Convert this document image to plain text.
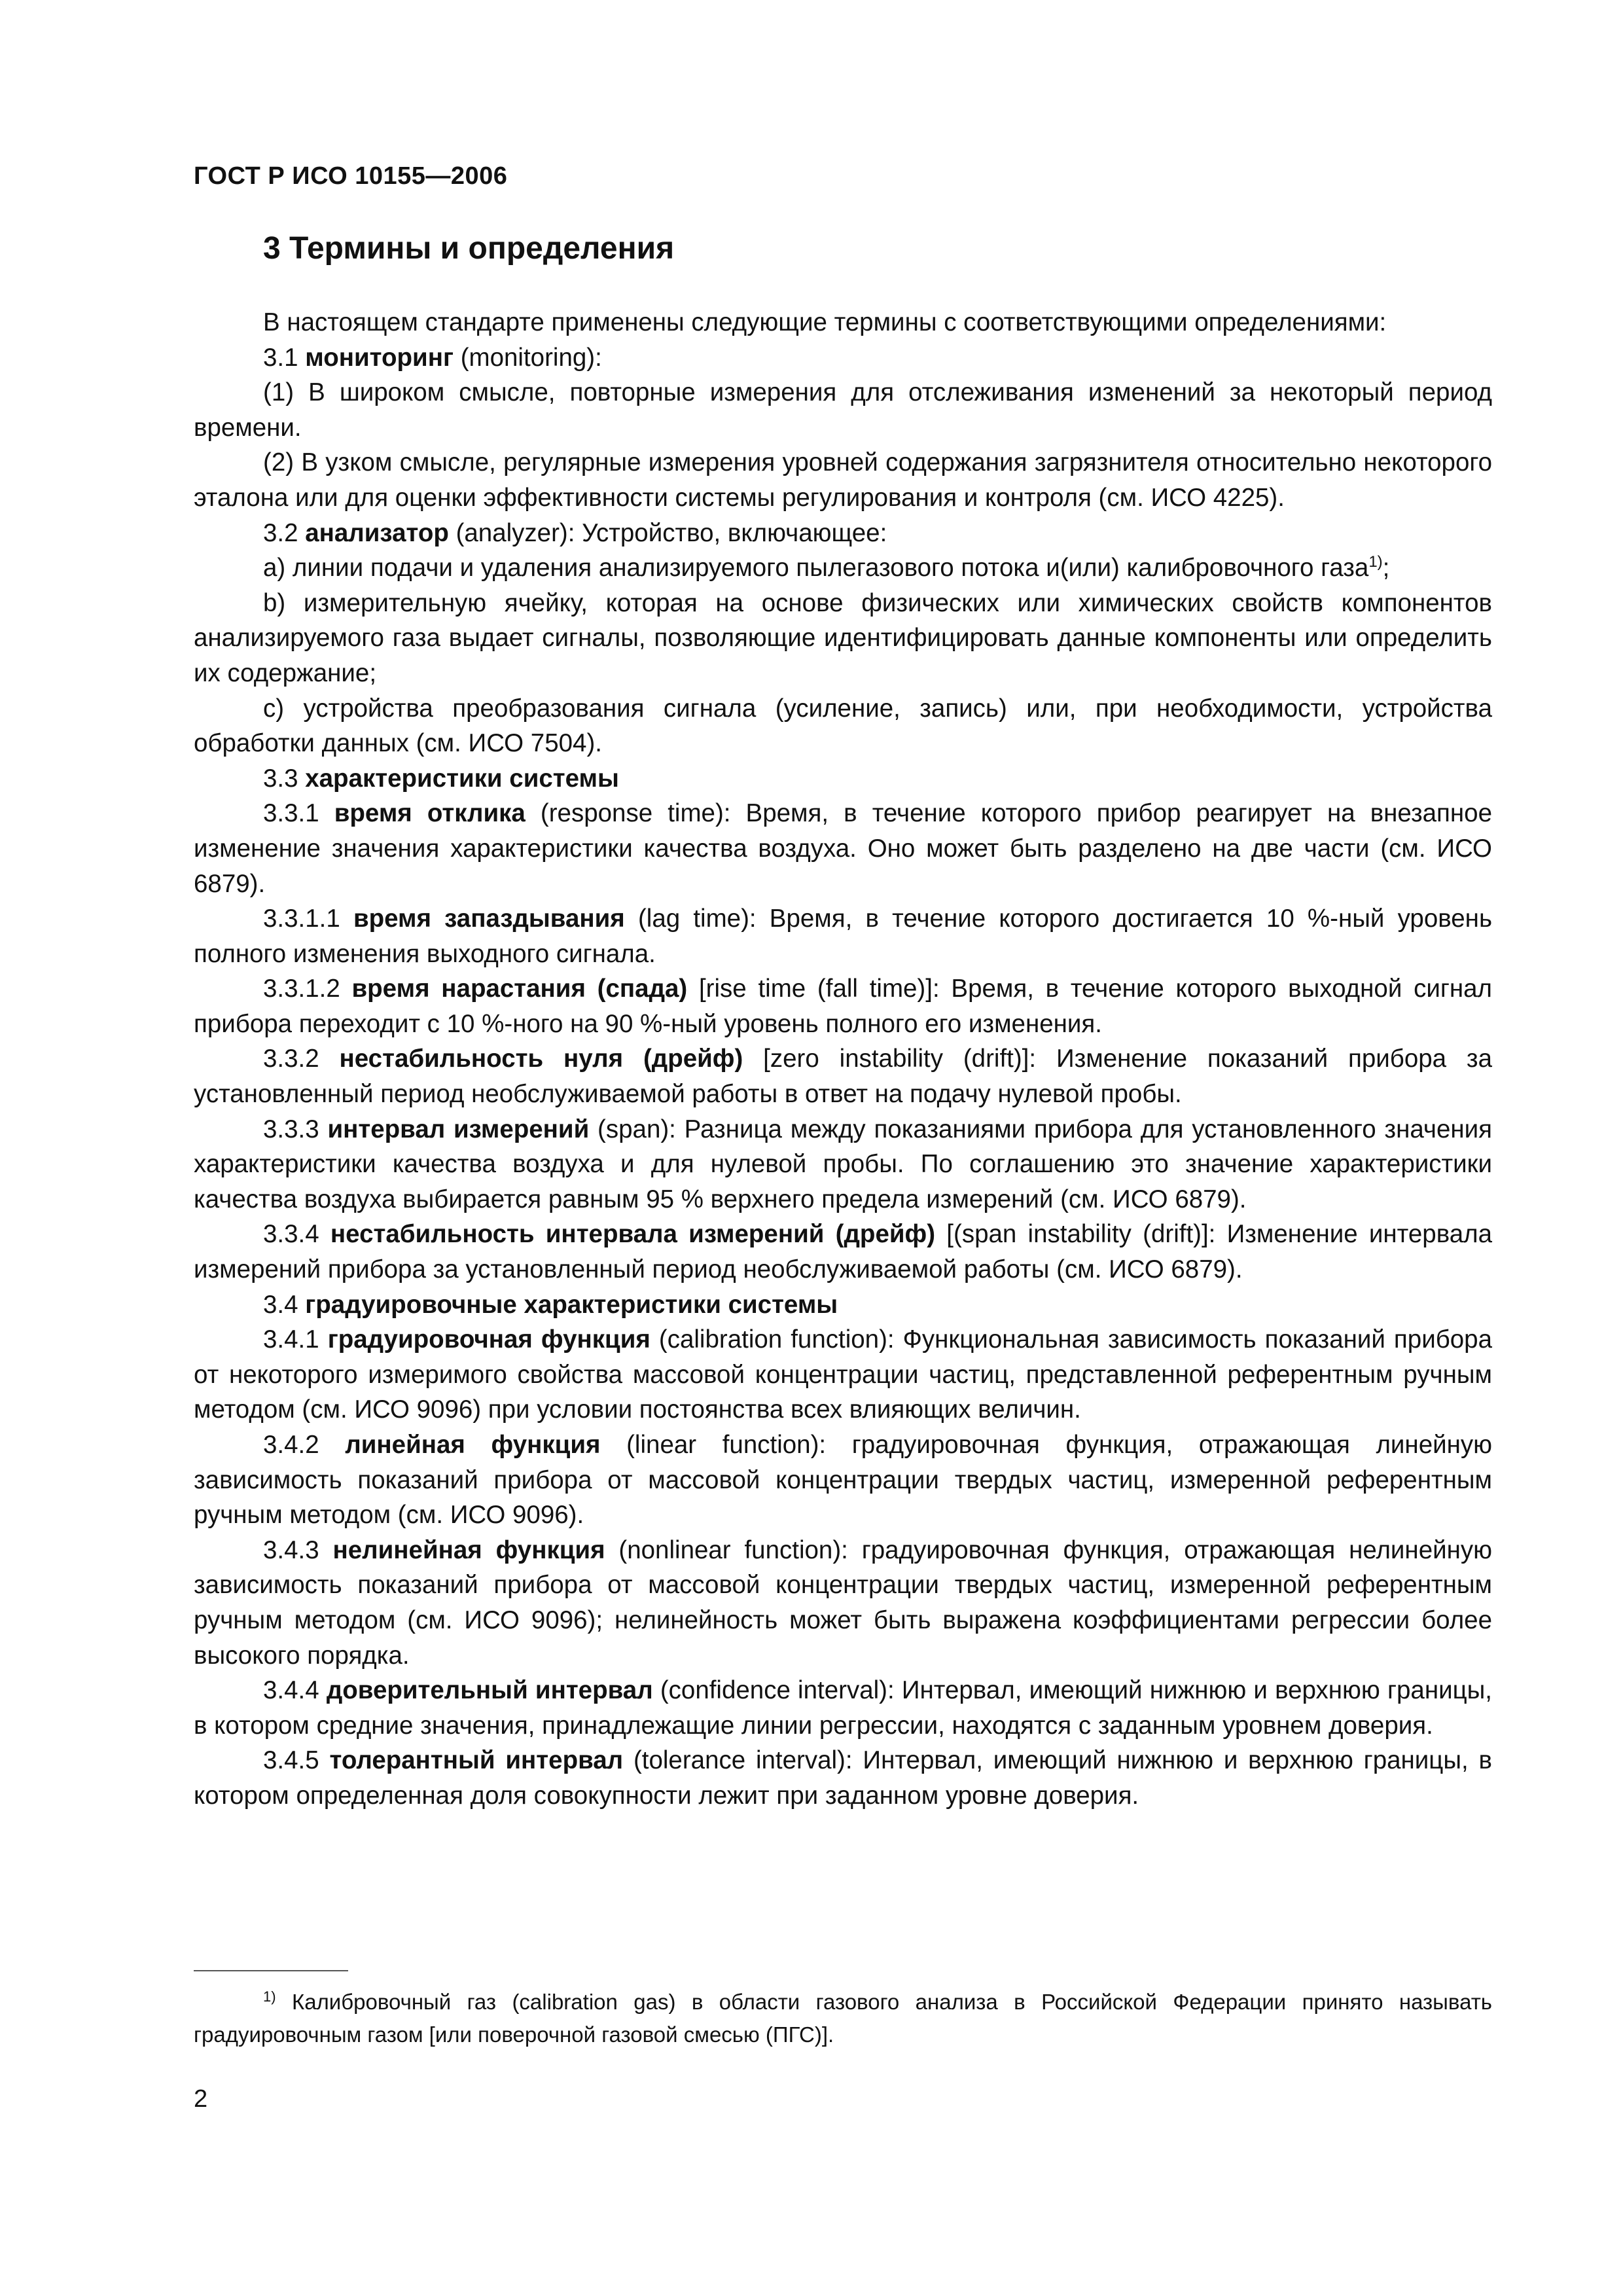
ГОСТ Р ИСО 10155—2006
3 Термины и определения

В настоящем стандарте применены следующие термины с соответствующими определениями:

3.1 мониторинг (monitoring):

(1) В широком смысле, повторные измерения для отслеживания изменений за некоторый период времени.

(2) В узком смысле, регулярные измерения уровней содержания загрязнителя относительно некоторого эталона или для оценки эффективности системы регулирования и контроля (см. ИСО 4225).

3.2 анализатор (analyzer): Устройство, включающее:

а) линии подачи и удаления анализируемого пылегазового потока и(или) калибровочного газа$^{1)}$;

b) измерительную ячейку, которая на основе физических или химических свойств компонентов анализируемого газа выдает сигналы, позволяющие идентифицировать данные компоненты или определить их содержание;

с) устройства преобразования сигнала (усиление, запись) или, при необходимости, устройства обработки данных (см. ИСО 7504).

3.3 характеристики системы

3.3.1 время отклика (response time): Время, в течение которого прибор реагирует на внезапное изменение значения характеристики качества воздуха. Оно может быть разделено на две части (см. ИСО 6879).

3.3.1.1 время запаздывания (lag time): Время, в течение которого достигается 10 %-ный уровень полного изменения выходного сигнала.

3.3.1.2 время нарастания (спада) [rise time (fall time)]: Время, в течение которого выходной сигнал прибора переходит с 10 %-ного на 90 %-ный уровень полного его изменения.

3.3.2 нестабильность нуля (дрейф) [zero instability (drift)]: Изменение показаний прибора за установленный период необслуживаемой работы в ответ на подачу нулевой пробы.

3.3.3 интервал измерений (span): Разница между показаниями прибора для установленного значения характеристики качества воздуха и для нулевой пробы. По соглашению это значение характеристики качества воздуха выбирается равным 95 % верхнего предела измерений (см. ИСО 6879).

3.3.4 нестабильность интервала измерений (дрейф) [(span instability (drift)]: Изменение интервала измерений прибора за установленный период необслуживаемой работы (см. ИСО 6879).

3.4 градуировочные характеристики системы

3.4.1 градуировочная функция (calibration function): Функциональная зависимость показаний прибора от некоторого измеримого свойства массовой концентрации частиц, представленной референтным ручным методом (см. ИСО 9096) при условии постоянства всех влияющих величин.

3.4.2 линейная функция (linear function): градуировочная функция, отражающая линейную зависимость показаний прибора от массовой концентрации твердых частиц, измеренной референтным ручным методом (см. ИСО 9096).

3.4.3 нелинейная функция (nonlinear function): градуировочная функция, отражающая нелинейную зависимость показаний прибора от массовой концентрации твердых частиц, измеренной референтным ручным методом (см. ИСО 9096); нелинейность может быть выражена коэффициентами регрессии более высокого порядка.

3.4.4 доверительный интервал (confidence interval): Интервал, имеющий нижнюю и верхнюю границы, в котором средние значения, принадлежащие линии регрессии, находятся с заданным уровнем доверия.

3.4.5 толерантный интервал (tolerance interval): Интервал, имеющий нижнюю и верхнюю границы, в котором определенная доля совокупности лежит при заданном уровне доверия.

$^{1)}$ Калибровочный газ (calibration gas) в области газового анализа в Российской Федерации принято называть градуировочным газом [или поверочной газовой смесью (ПГС)].

2
